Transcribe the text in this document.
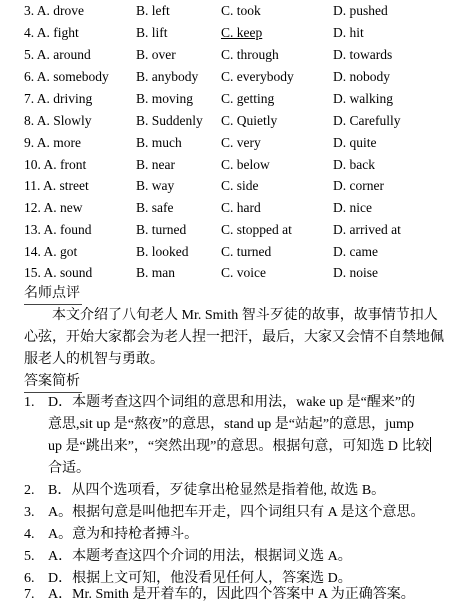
3. A. drove	B. left	C. took	D. pushed
4. A. fight	B. lift	C. keep	D. hit
5. A. around	B. over	C. through	D. towards
6. A. somebody B. anybody C. everybody	D. nobody
7. A. driving	B. moving C. getting	D. walking
8. A. Slowly	B. Suddenly C. Quietly	D. Carefully
9. A. more	B. much	C. very	D. quite
10. A. front	B. near	C. below	D. back
11. A. street	B. way	C. side	D. corner
12. A. new	B. safe	C. hard	D. nice
13. A. found	B. turned	C. stopped at	D. arrived at
14. A. got	B. looked C. turned	D. came
15. A. sound	B. man	C. voice	D. noise
名师点评

本文介绍了八旬老人 Mr. Smith 智斗歹徒的故事，故事情节扣人

心弦，开始大家都会为老人捏一把汗，最后，大家又会情不自禁地佩

服老人的机智与勇敢。

答案简析
1. D．本题考查这四个词组的意思和用法，wake up 是“醒来”的
意思,sit up 是“熬夜”的意思，stand up 是“站起”的意思，jump
up 是“跳出来”，“突然出现”的意思。根据句意，可知选 D 比较
合适。
2. B．从四个选项看，歹徒拿出枪显然是指着他, 故选 B。
3. A。根据句意是叫他把车开走，四个词组只有 A 是这个意思。
4. A。意为和持枪者搏斗。
5. A．本题考查这四个介词的用法，根据词义选 A。
6. D．根据上文可知，他没看见任何人，答案选 D。
7. A．Mr. Smith 是开着车的，因此四个答案中 A 为正确答案。
